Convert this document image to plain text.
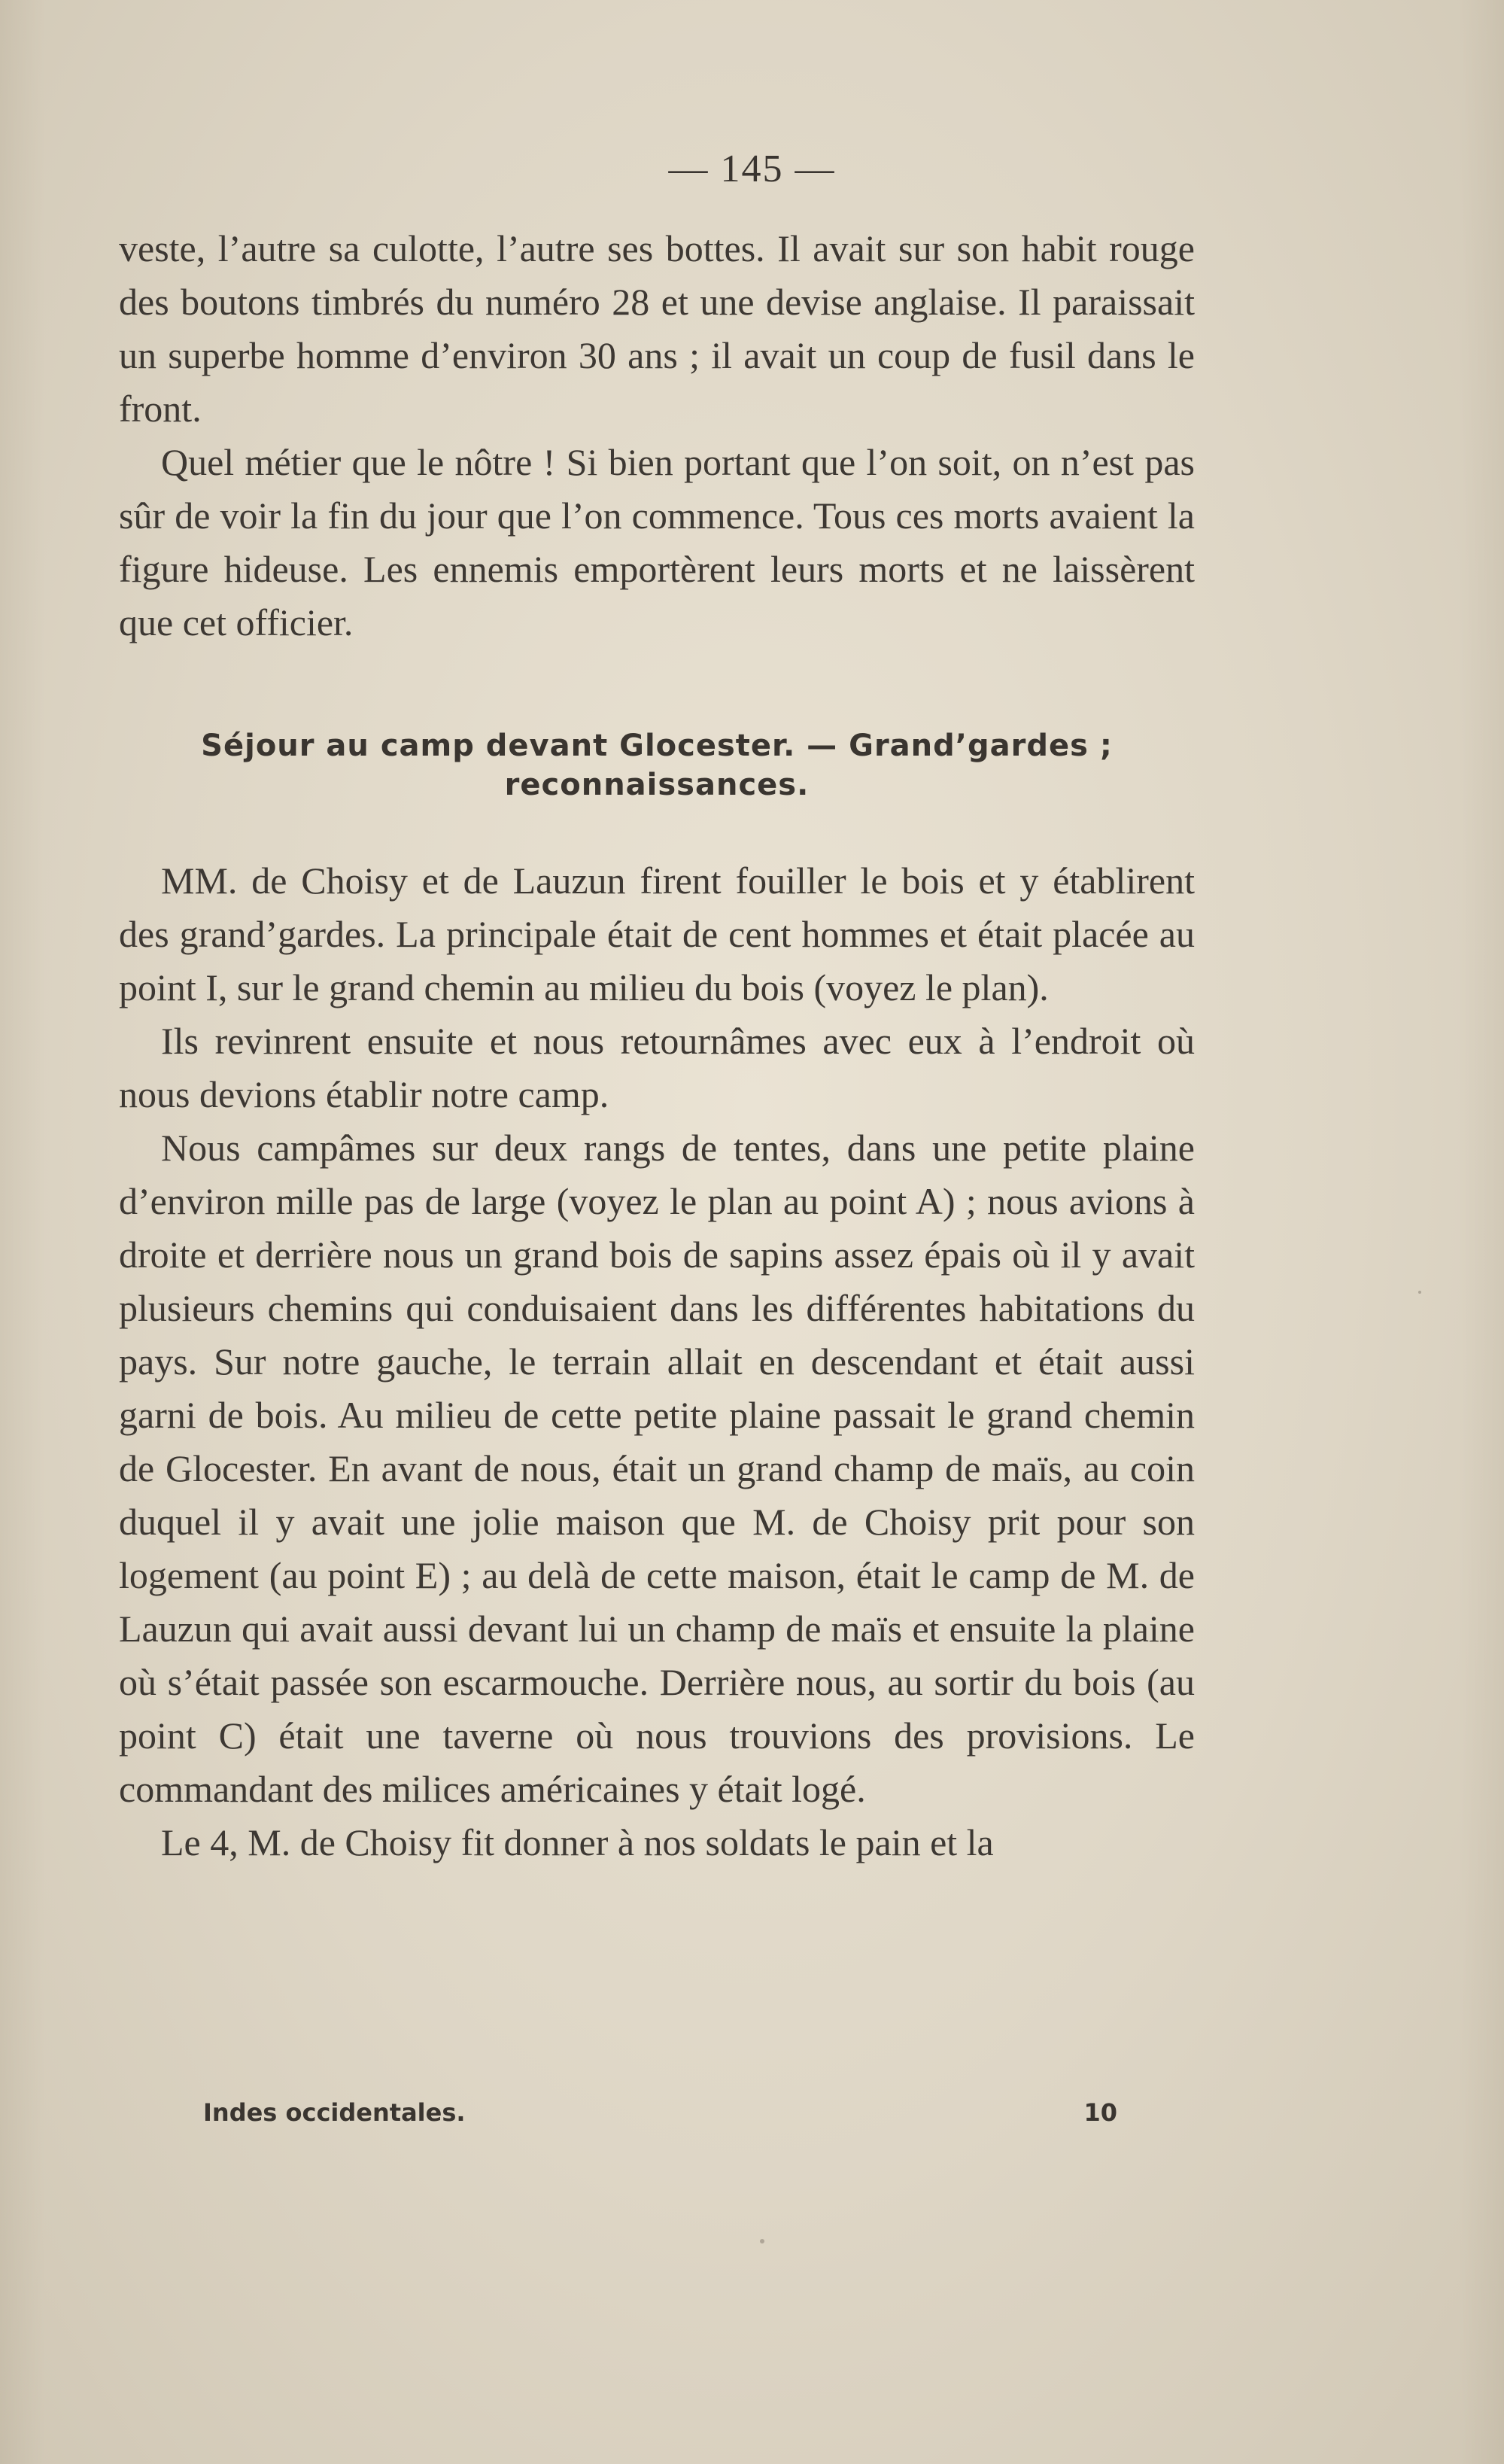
— 145 —

veste, l’autre sa culotte, l’autre ses bottes. Il avait sur son habit rouge des boutons timbrés du numéro 28 et une devise anglaise. Il paraissait un superbe homme d’environ 30 ans ; il avait un coup de fusil dans le front.

Quel métier que le nôtre ! Si bien portant que l’on soit, on n’est pas sûr de voir la fin du jour que l’on commence. Tous ces morts avaient la figure hideuse. Les ennemis emportèrent leurs morts et ne laissèrent que cet officier.

Séjour au camp devant Glocester. — Grand’gardes ;
reconnaissances.

MM. de Choisy et de Lauzun firent fouiller le bois et y établirent des grand’gardes. La principale était de cent hommes et était placée au point I, sur le grand chemin au milieu du bois (voyez le plan).

Ils revinrent ensuite et nous retournâmes avec eux à l’endroit où nous devions établir notre camp.

Nous campâmes sur deux rangs de tentes, dans une petite plaine d’environ mille pas de large (voyez le plan au point A) ; nous avions à droite et derrière nous un grand bois de sapins assez épais où il y avait plusieurs chemins qui conduisaient dans les différentes habitations du pays. Sur notre gauche, le terrain allait en descendant et était aussi garni de bois. Au milieu de cette petite plaine passait le grand chemin de Glocester. En avant de nous, était un grand champ de maïs, au coin duquel il y avait une jolie maison que M. de Choisy prit pour son logement (au point E) ; au delà de cette maison, était le camp de M. de Lauzun qui avait aussi devant lui un champ de maïs et ensuite la plaine où s’était passée son escarmouche. Derrière nous, au sortir du bois (au point C) était une taverne où nous trouvions des provisions. Le commandant des milices américaines y était logé.

Le 4, M. de Choisy fit donner à nos soldats le pain et la

Indes occidentales.	10
